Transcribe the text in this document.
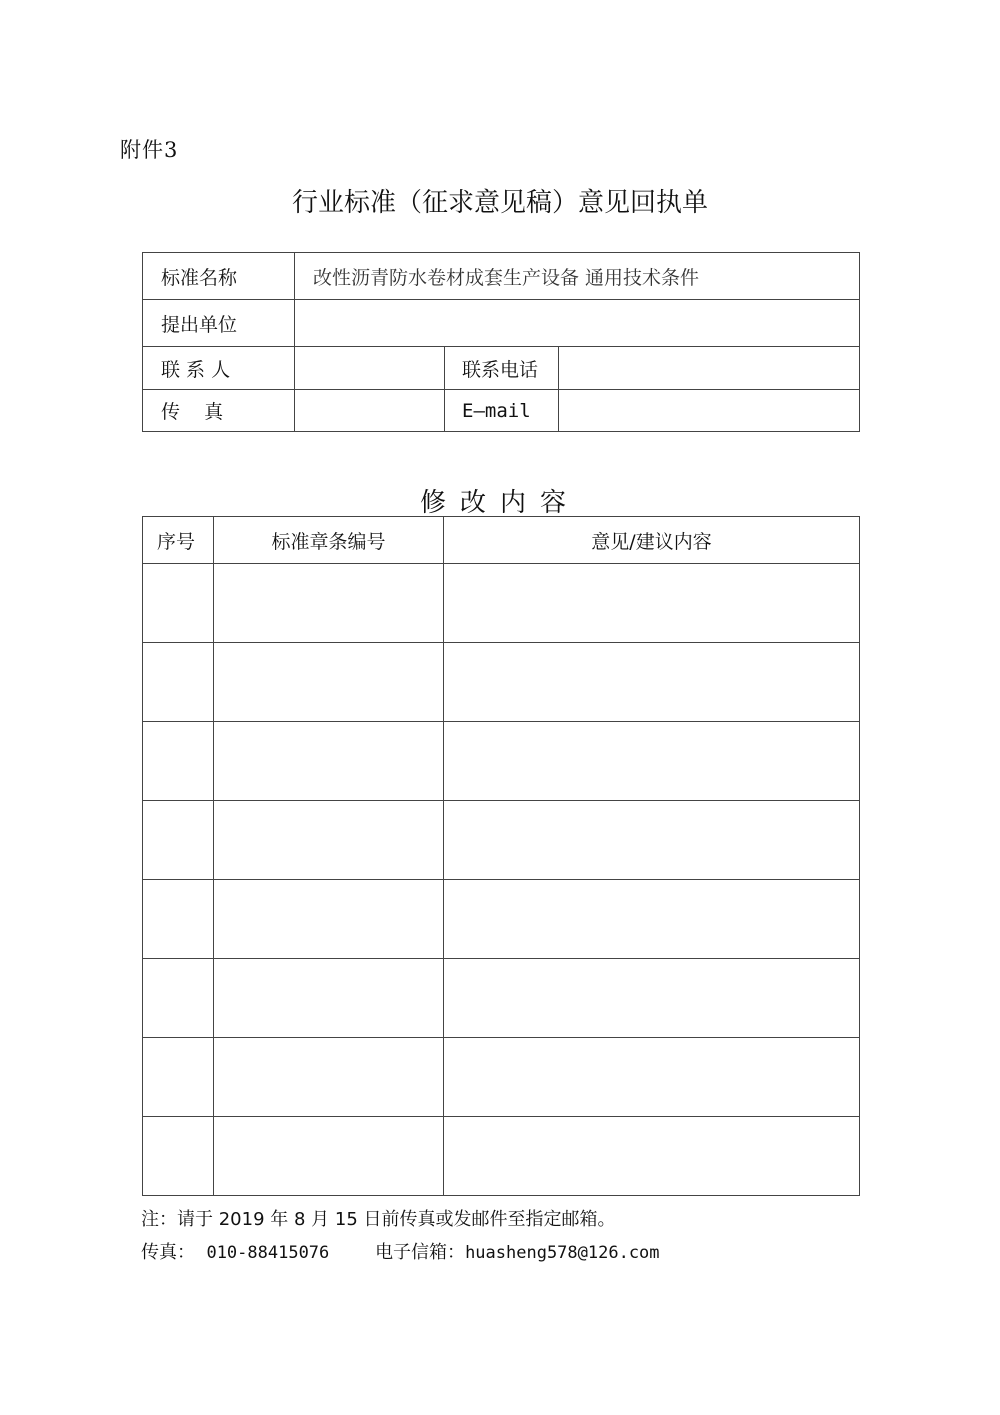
附件3
行业标准（征求意见稿）意见回执单
标准名称	改性沥青防水卷材成套生产设备 通用技术条件		
提出单位			
联 系 人		联系电话	
传    真		E—mail	
修改内容
序号	标准章条编号	意见/建议内容

注：请于 2019 年 8 月 15 日前传真或发邮件至指定邮箱。
传真： 010-88415076	电子信箱：huasheng578@126.com
